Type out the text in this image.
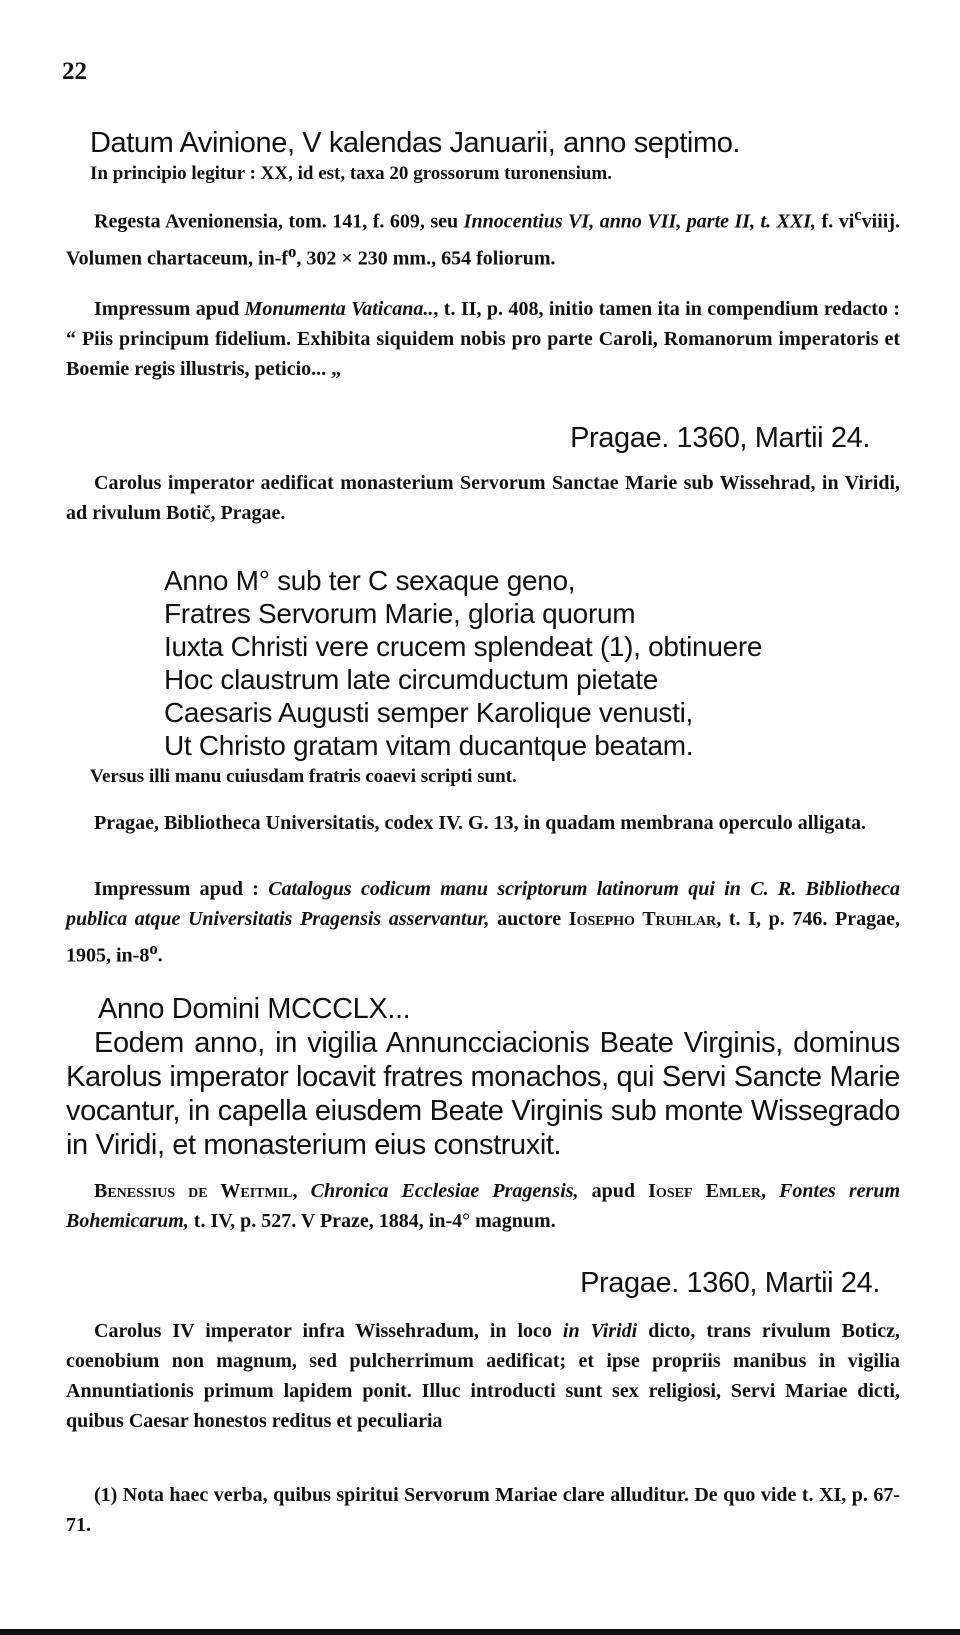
22
Datum Avinione, V kalendas Januarii, anno septimo.
In principio legitur : XX, id est, taxa 20 grossorum turonensium.

Regesta Avenionensia, tom. 141, f. 609, seu Innocentius VI, anno VII, parte II, t. XXI, f. $vi^cviiij$. Volumen chartaceum, $in-f^o$, 302 × 230 mm., 654 foliorum.

Impressum apud Monumenta Vaticana.., t. II, p. 408, initio tamen ita in compendium redacto : “ Piis principum fidelium. Exhibita siquidem nobis pro parte Caroli, Romanorum imperatoris et Boemie regis illustris, peticio... „

Pragae. 1360, Martii 24.

Carolus imperator aedificat monasterium Servorum Sanctae Marie sub Wissehrad, in Viridi, ad rivulum Botič, Pragae.

Anno M° sub ter C sexaque geno,
Fratres Servorum Marie, gloria quorum
Iuxta Christi vere crucem splendeat (1), obtinuere
Hoc claustrum late circumductum pietate
Caesaris Augusti semper Karolique venusti,
Ut Christo gratam vitam ducantque beatam.
Versus illi manu cuiusdam fratris coaevi scripti sunt.

Pragae, Bibliotheca Universitatis, codex IV. G. 13, in quadam membrana operculo alligata.

Impressum apud : Catalogus codicum manu scriptorum latinorum qui in C. R. Bibliotheca publica atque Universitatis Pragensis asservantur, auctore Iosepho Truhlar, t. I, p. 746. Pragae, 1905, in-8$^o$.

Anno Domini MCCCLX...

Eodem anno, in vigilia Annuncciacionis Beate Virginis, dominus Karolus imperator locavit fratres monachos, qui Servi Sancte Marie vocantur, in capella eiusdem Beate Virginis sub monte Wissegrado in Viridi, et monasterium eius construxit.

Benessius de Weitmil, Chronica Ecclesiae Pragensis, apud Iosef Emler, Fontes rerum Bohemicarum, t. IV, p. 527. V Praze, 1884, in-4° magnum.

Pragae. 1360, Martii 24.

Carolus IV imperator infra Wissehradum, in loco in Viridi dicto, trans rivulum Boticz, coenobium non magnum, sed pulcherrimum aedificat; et ipse propriis manibus in vigilia Annuntiationis primum lapidem ponit. Illuc introducti sunt sex religiosi, Servi Mariae dicti, quibus Caesar honestos reditus et peculiaria

(1) Nota haec verba, quibus spiritui Servorum Mariae clare alluditur. De quo vide t. XI, p. 67-71.
